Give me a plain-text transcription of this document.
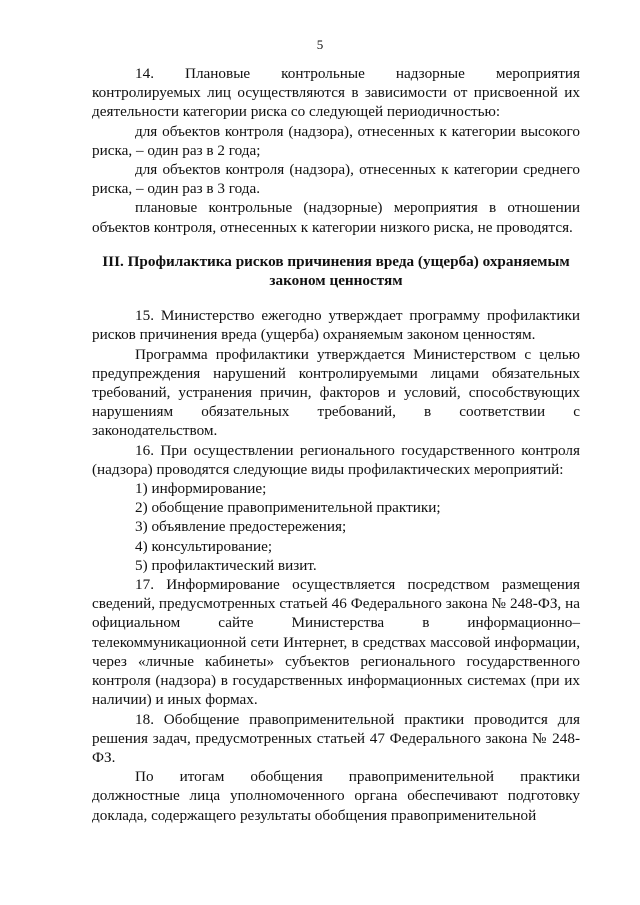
5

14. Плановые контрольные надзорные мероприятия контролируемых лиц осуществляются в зависимости от присвоенной их деятельности категории риска со следующей периодичностью:

для объектов контроля (надзора), отнесенных к категории высокого риска, – один раз в 2 года;

для объектов контроля (надзора), отнесенных к категории среднего риска, – один раз в 3 года.

плановые контрольные (надзорные) мероприятия в отношении объектов контроля, отнесенных к категории низкого риска, не проводятся.

III. Профилактика рисков причинения вреда (ущерба) охраняемым законом ценностям

15. Министерство ежегодно утверждает программу профилактики рисков причинения вреда (ущерба) охраняемым законом ценностям.

Программа профилактики утверждается Министерством с целью предупреждения нарушений контролируемыми лицами обязательных требований, устранения причин, факторов и условий, способствующих нарушениям обязательных требований, в соответствии с законодательством.

16. При осуществлении регионального государственного контроля (надзора) проводятся следующие виды профилактических мероприятий:

1) информирование;

2) обобщение правоприменительной практики;

3) объявление предостережения;

4) консультирование;

5) профилактический визит.

17. Информирование осуществляется посредством размещения сведений, предусмотренных статьей 46 Федерального закона № 248-ФЗ, на официальном сайте Министерства в информационно–телекоммуникационной сети Интернет, в средствах массовой информации, через «личные кабинеты» субъектов регионального государственного контроля (надзора) в государственных информационных системах (при их наличии) и иных формах.

18. Обобщение правоприменительной практики проводится для решения задач, предусмотренных статьей 47 Федерального закона № 248-ФЗ.

По итогам обобщения правоприменительной практики должностные лица уполномоченного органа обеспечивают подготовку доклада, содержащего результаты обобщения правоприменительной
